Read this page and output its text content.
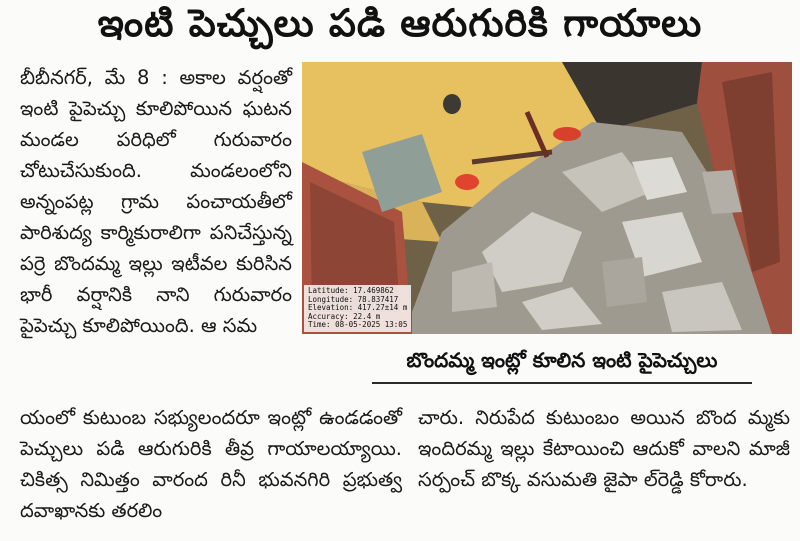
ఇంటి పెచ్చులు పడి ఆరుగురికి గాయాలు

బీబీనగర్, మే 8 : అకాల వర్షంతో ఇంటి పైపెచ్చు కూలిపోయిన ఘటన మండల పరిధిలో గురువారం చోటుచేసుకుంది. మండలంలోని అన్నంపట్ల గ్రామ పంచాయతీలో పారిశుద్య కార్మికురాలిగా పనిచేస్తున్న పర్రె బొందమ్మ ఇల్లు ఇటీవల కురిసిన భారీ వర్షానికి నాని గురువారం పైపెచ్చు కూలిపోయింది. ఆ సమ

Latitude: 17.469862
Longitude: 78.837417
Elevation: 417.27±14 m
Accuracy: 22.4 m
Time: 08-05-2025 13:05
బొందమ్మ ఇంట్లో కూలిన ఇంటి పైపెచ్చులు

యంలో కుటుంబ సభ్యులందరూ ఇంట్లో ఉండడంతో పెచ్చులు పడి ఆరుగురికి తీవ్ర గాయాలయ్యాయి. చికిత్స నిమిత్తం వారంద రినీ భువనగిరి ప్రభుత్వ దవాఖానకు తరలిం

చారు. నిరుపేద కుటుంబం అయిన బొంద మ్మకు ఇందిరమ్మ ఇల్లు కేటాయించి ఆదుకో వాలని మాజీ సర్పంచ్ బొక్క వసుమతి జైపా ల్‌రెడ్డి కోరారు.
